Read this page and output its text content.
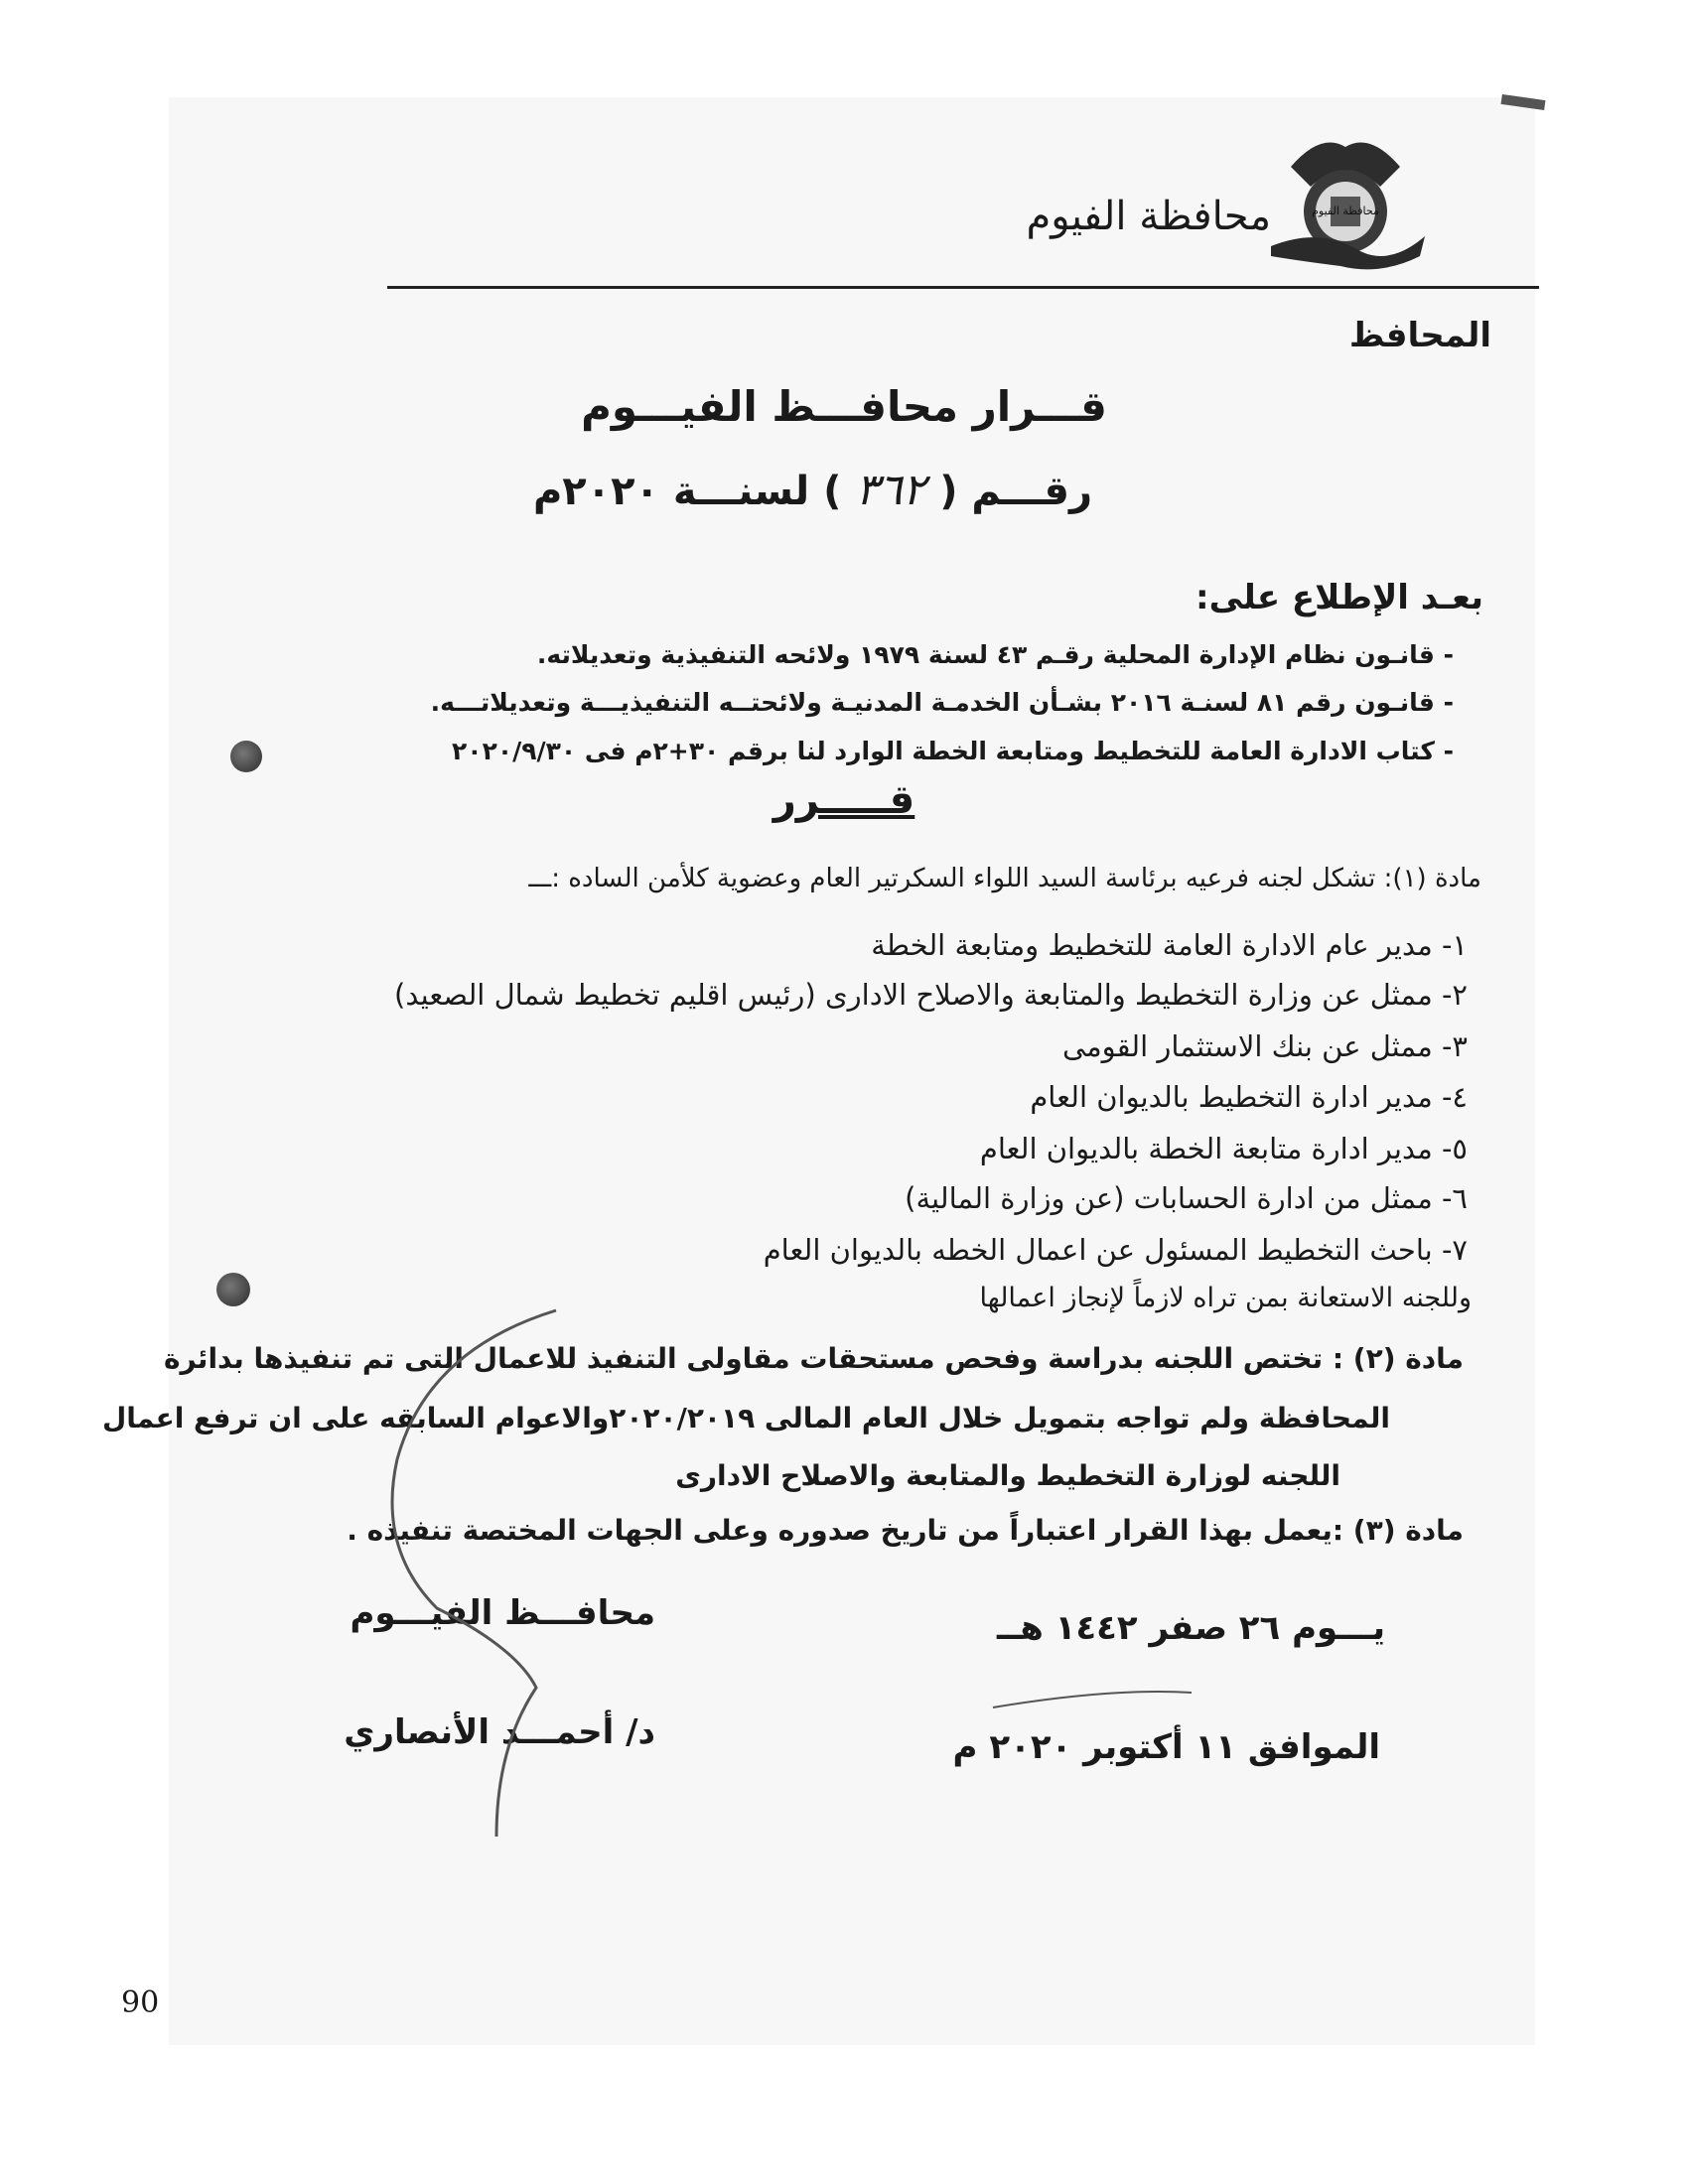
محافظة الفيوم
محافظة الفيوم
المحافظ
قـــرار محافـــظ الفيـــوم
رقـــم ( ٣٦٢ ) لسنـــة ٢٠٢٠م
بعـد الإطلاع على:
- قانـون نظام الإدارة المحلية رقـم ٤٣ لسنة ١٩٧٩ ولائحه التنفيذية وتعديلاته.
- قانـون رقم ٨١ لسنـة ٢٠١٦ بشـأن الخدمـة المدنيـة ولائحتــه التنفيذيـــة وتعديلاتـــه.
- كتاب الادارة العامة للتخطيط ومتابعة الخطة الوارد لنا برقم ٣٠+٢م فى ٢٠٢٠/٩/٣٠
قـــــرر
مادة (١): تشكل لجنه فرعيه برئاسة السيد اللواء السكرتير العام وعضوية كلأمن الساده :ـــ
١- مدير عام الادارة العامة للتخطيط ومتابعة الخطة
٢- ممثل عن وزارة التخطيط والمتابعة والاصلاح الادارى (رئيس اقليم تخطيط شمال الصعيد)
٣- ممثل عن بنك الاستثمار القومى
٤- مدير ادارة التخطيط بالديوان العام
٥- مدير ادارة متابعة الخطة بالديوان العام
٦- ممثل من ادارة الحسابات (عن وزارة المالية)
٧- باحث التخطيط المسئول عن اعمال الخطه بالديوان العام
وللجنه الاستعانة بمن تراه لازماً لإنجاز اعمالها
مادة (٢) : تختص اللجنه بدراسة وفحص مستحقات مقاولى التنفيذ للاعمال التى تم تنفيذها بدائرة
المحافظة ولم تواجه بتمويل خلال العام المالى ٢٠٢٠/٢٠١٩والاعوام السابقه على ان ترفع اعمال
اللجنه لوزارة التخطيط والمتابعة والاصلاح الادارى
مادة (٣) :يعمل بهذا القرار اعتباراً من تاريخ صدوره وعلى الجهات المختصة تنفيذه .
محافـــظ الفيـــوم
د/ أحمـــد الأنصاري
يـــوم ٢٦ صفر ١٤٤٢ هــ
الموافق ١١ أكتوبر ٢٠٢٠ م
90
